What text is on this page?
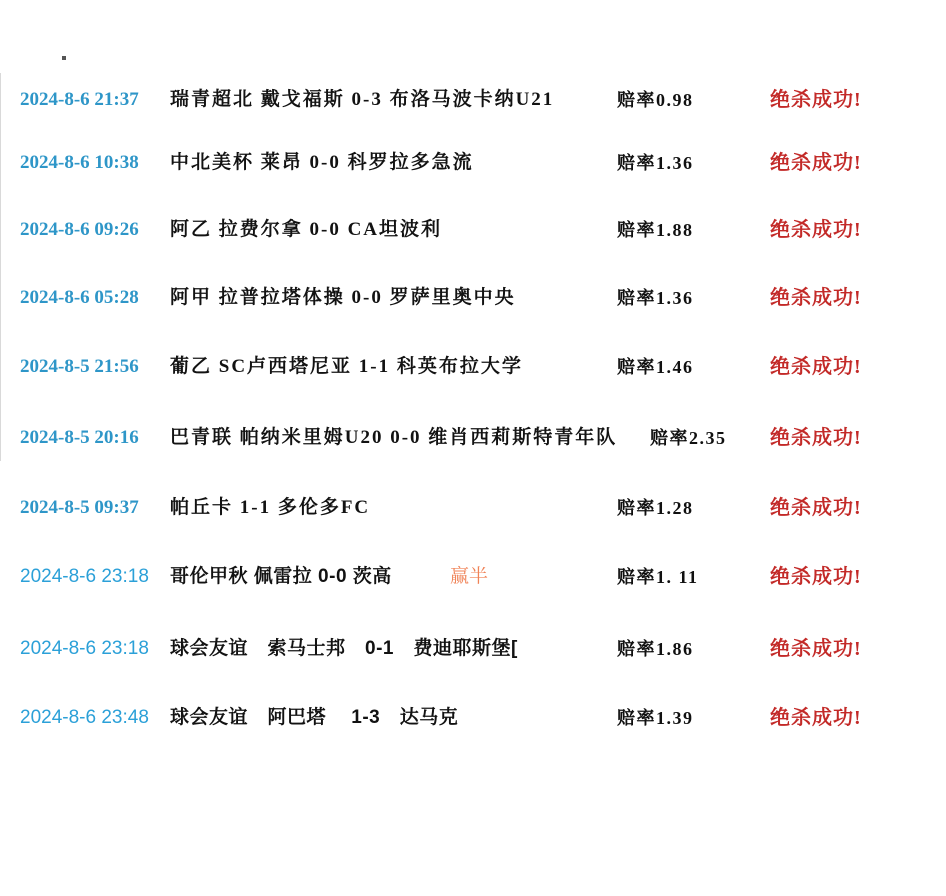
2024-8-6 21:37 瑞青超北 戴戈福斯 0-3 布洛马波卡纳U21	赔率0.98	绝杀成功!
2024-8-6 10:38 中北美杯 莱昂 0-0 科罗拉多急流	赔率1.36	绝杀成功!
2024-8-6 09:26 阿乙 拉费尔拿 0-0 CA坦波利	赔率1.88	绝杀成功!
2024-8-6 05:28 阿甲 拉普拉塔体操 0-0 罗萨里奥中央	赔率1.36	绝杀成功!
2024-8-5 21:56 葡乙 SC卢西塔尼亚 1-1 科英布拉大学	赔率1.46	绝杀成功!
2024-8-5 20:16 巴青联 帕纳米里姆U20 0-0 维肖西莉斯特青年队 赔率2.35 绝杀成功!
2024-8-5 09:37 帕丘卡 1-1 多伦多FC	赔率1.28	绝杀成功!
2024-8-6 23:18 哥伦甲秋 佩雷拉 0-0 茨高	赢半	赔率1. 11	绝杀成功!
2024-8-6 23:18 球会友谊　索马士邦　0-1　费迪耶斯堡[	赔率1.86	绝杀成功!
2024-8-6 23:48 球会友谊　阿巴塔　 1-3　达马克	赔率1.39	绝杀成功!
